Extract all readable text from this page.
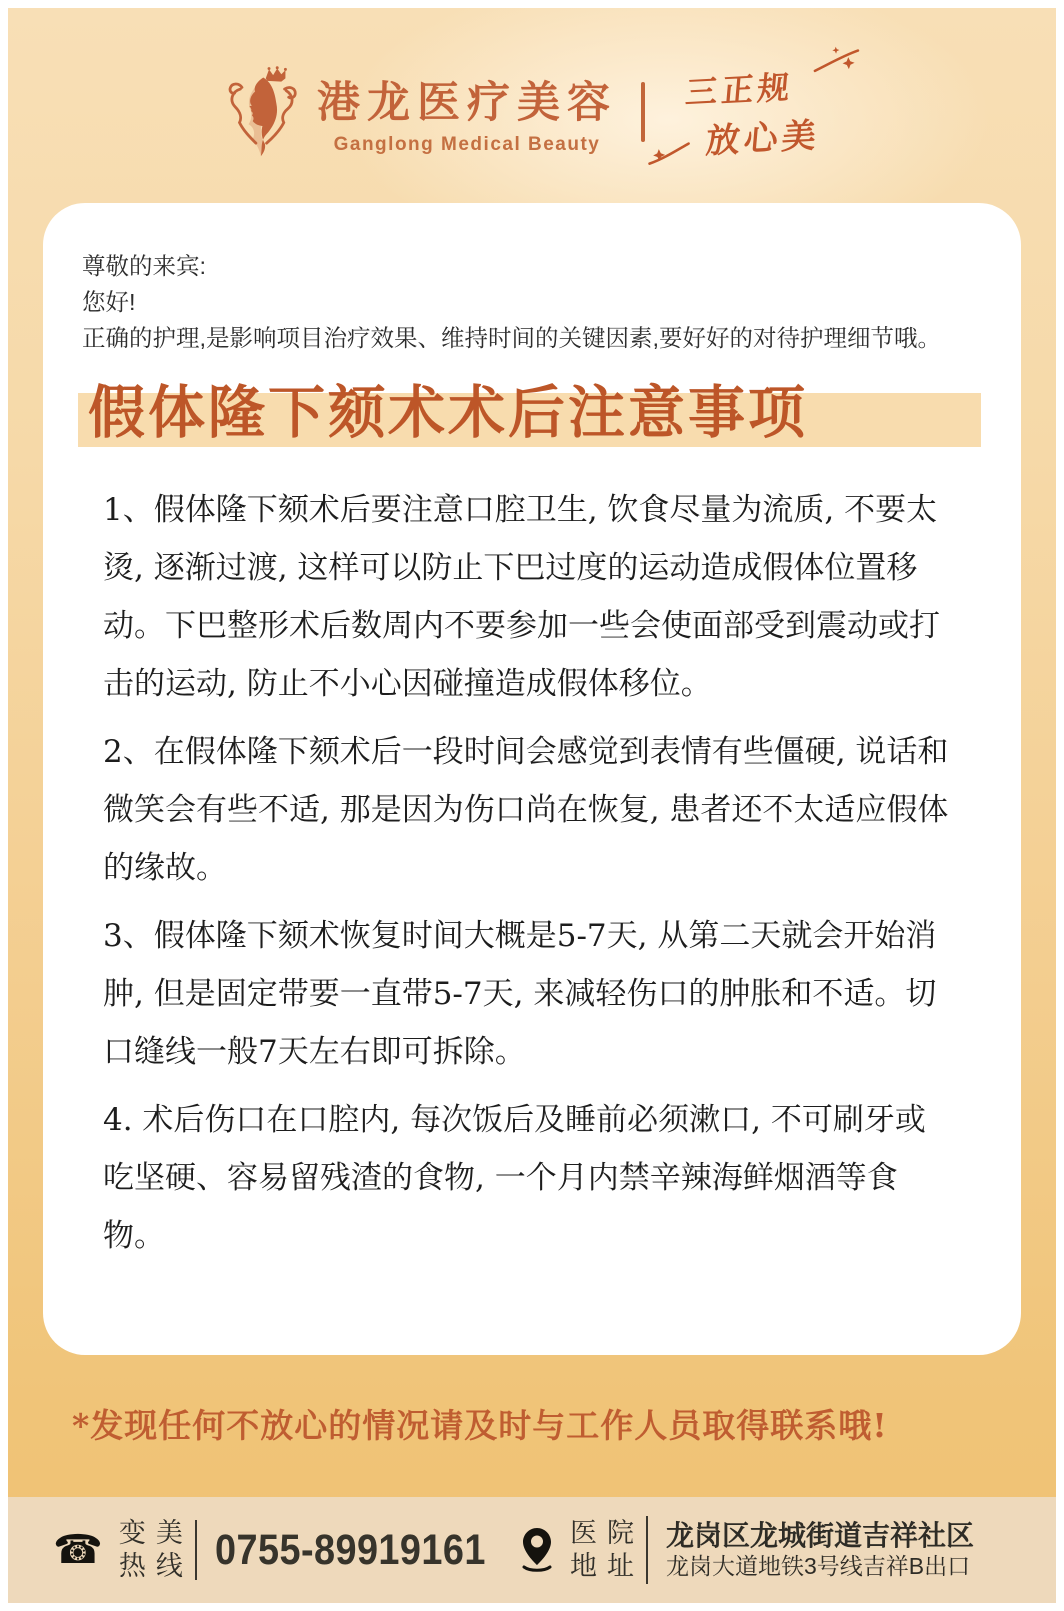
港龙医疗美容
Ganglong Medical Beauty
三正规
放心美
尊敬的来宾:
您好!
正确的护理,是影响项目治疗效果、维持时间的关键因素,要好好的对待护理细节哦。
假体隆下颏术术后注意事项

1、假体隆下颏术后要注意口腔卫生, 饮食尽量为流质, 不要太烫, 逐渐过渡, 这样可以防止下巴过度的运动造成假体位置移动。下巴整形术后数周内不要参加一些会使面部受到震动或打击的运动, 防止不小心因碰撞造成假体移位。

2、在假体隆下颏术后一段时间会感觉到表情有些僵硬, 说话和微笑会有些不适, 那是因为伤口尚在恢复, 患者还不太适应假体的缘故。

3、假体隆下颏术恢复时间大概是5-7天, 从第二天就会开始消肿, 但是固定带要一直带5-7天, 来减轻伤口的肿胀和不适。切口缝线一般7天左右即可拆除。

4. 术后伤口在口腔内, 每次饭后及睡前必须漱口, 不可刷牙或吃坚硬、容易留残渣的食物, 一个月内禁辛辣海鲜烟酒等食物。

*发现任何不放心的情况请及时与工作人员取得联系哦!
☎ 变美
热线 0755-89919161	医院
地址
龙岗区龙城街道吉祥社区
龙岗大道地铁3号线吉祥B出口
